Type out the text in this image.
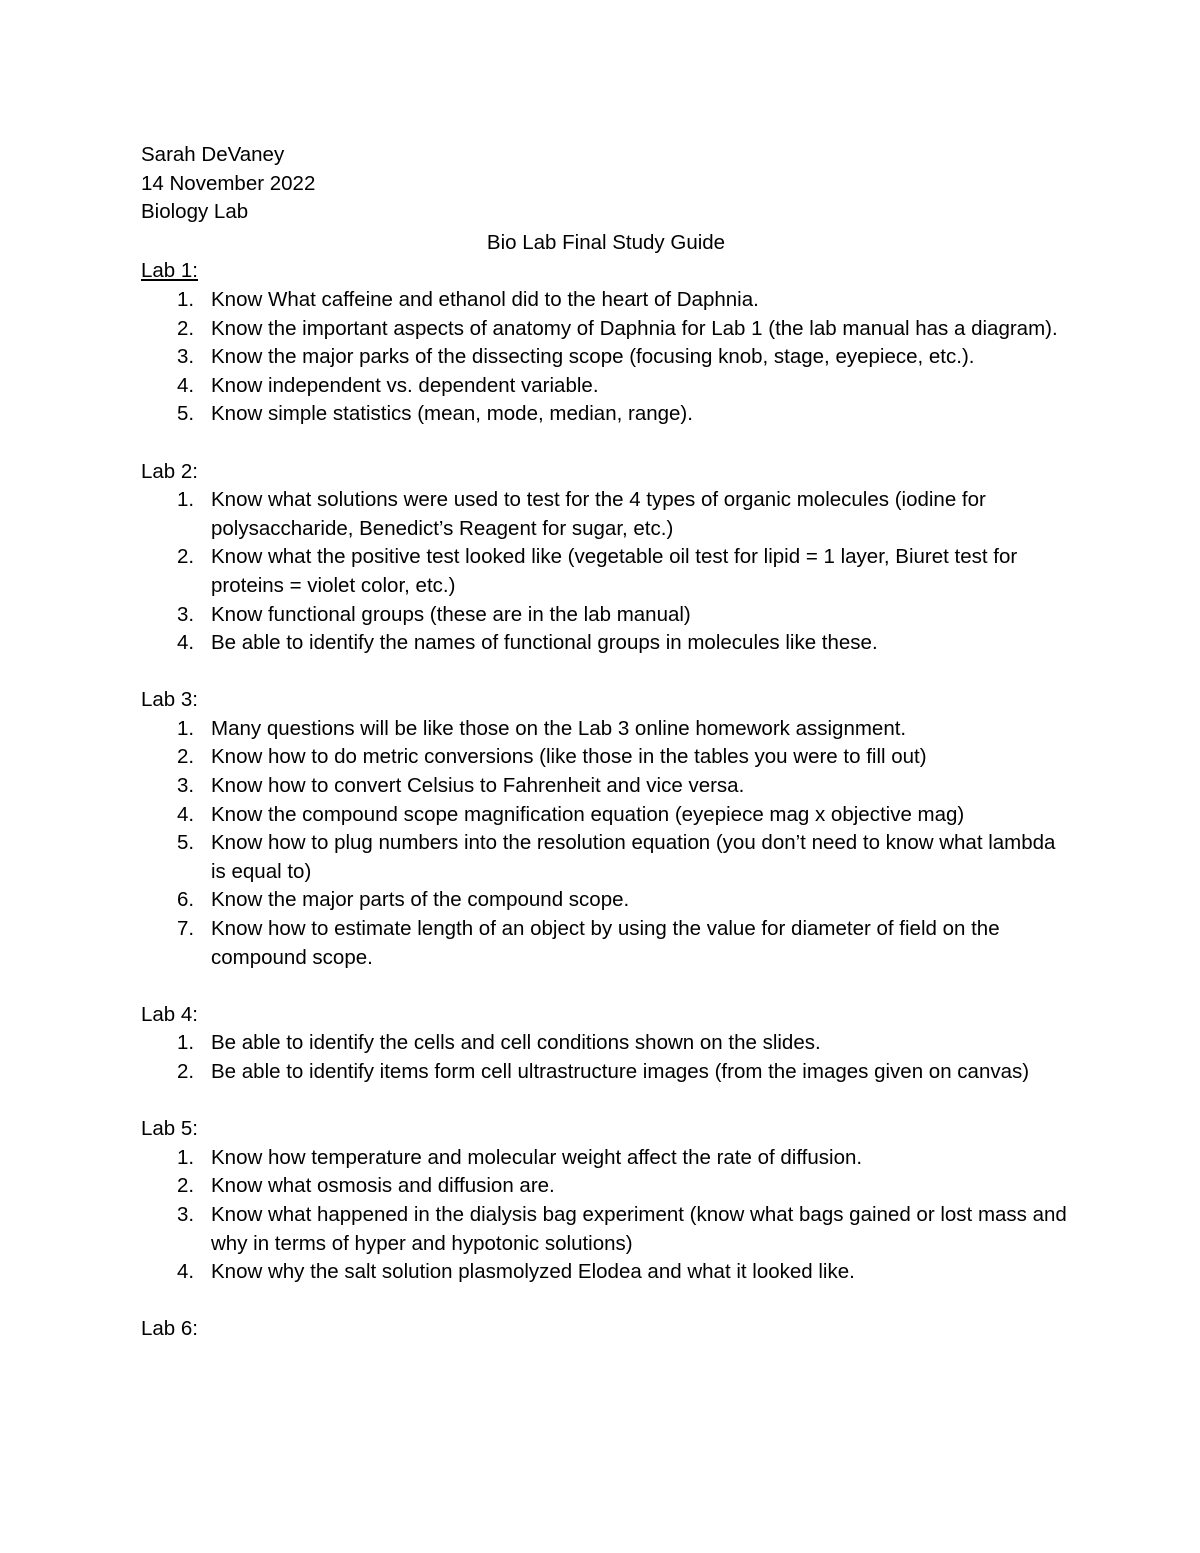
Sarah DeVaney
14 November 2022
Biology Lab
Bio Lab Final Study Guide
Lab 1:
1. Know What caffeine and ethanol did to the heart of Daphnia.
2. Know the important aspects of anatomy of Daphnia for Lab 1 (the lab manual has a diagram).
3. Know the major parks of the dissecting scope (focusing knob, stage, eyepiece, etc.).
4. Know independent vs. dependent variable.
5. Know simple statistics (mean, mode, median, range).
Lab 2:
1. Know what solutions were used to test for the 4 types of organic molecules (iodine for polysaccharide, Benedict’s Reagent for sugar, etc.)
2. Know what the positive test looked like (vegetable oil test for lipid = 1 layer, Biuret test for proteins = violet color, etc.)
3. Know functional groups (these are in the lab manual)
4. Be able to identify the names of functional groups in molecules like these.
Lab 3:
1. Many questions will be like those on the Lab 3 online homework assignment.
2. Know how to do metric conversions (like those in the tables you were to fill out)
3. Know how to convert Celsius to Fahrenheit and vice versa.
4. Know the compound scope magnification equation (eyepiece mag x objective mag)
5. Know how to plug numbers into the resolution equation (you don’t need to know what lambda is equal to)
6. Know the major parts of the compound scope.
7. Know how to estimate length of an object by using the value for diameter of field on the compound scope.
Lab 4:
1. Be able to identify the cells and cell conditions shown on the slides.
2. Be able to identify items form cell ultrastructure images (from the images given on canvas)
Lab 5:
1. Know how temperature and molecular weight affect the rate of diffusion.
2. Know what osmosis and diffusion are.
3. Know what happened in the dialysis bag experiment (know what bags gained or lost mass and why in terms of hyper and hypotonic solutions)
4. Know why the salt solution plasmolyzed Elodea and what it looked like.
Lab 6:
